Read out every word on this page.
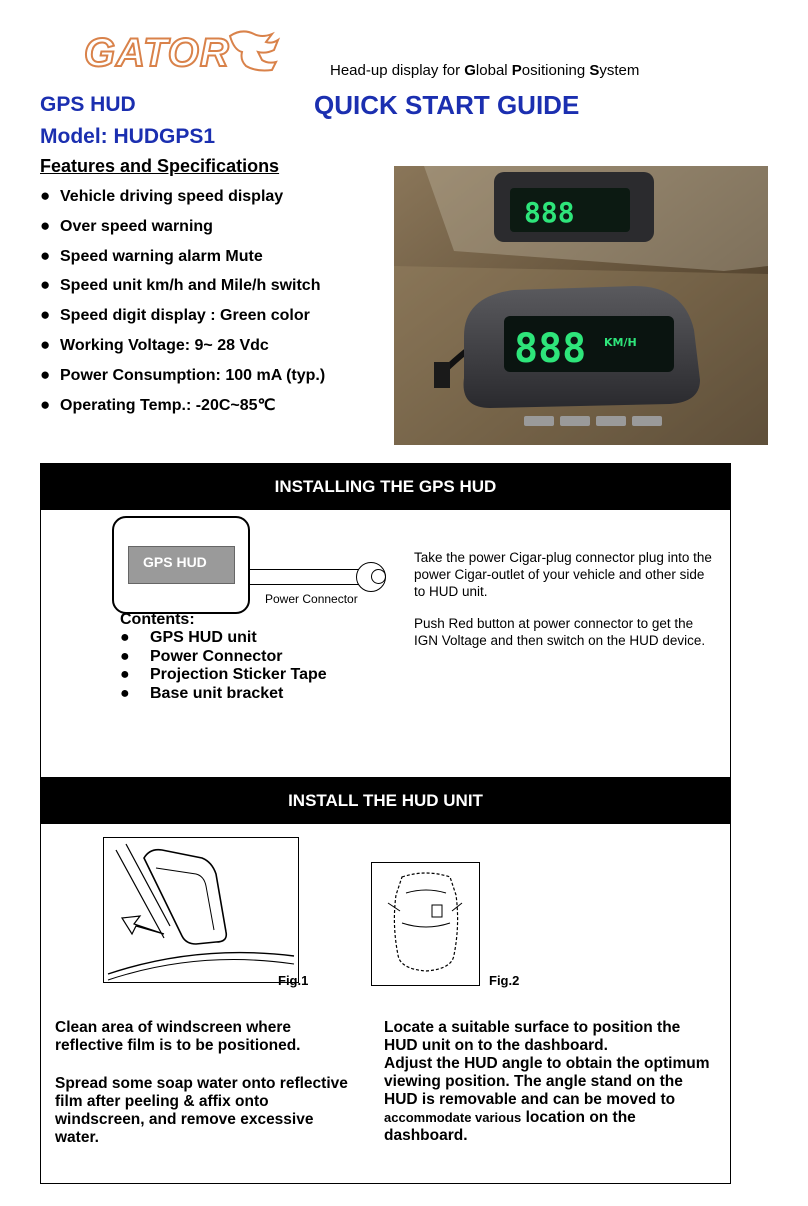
GATOR	Head-up display for Global Positioning System
GPS HUD	QUICK START GUIDE
Model: HUDGPS1
Features and Specifications
● Vehicle driving speed display
● Over speed warning
● Speed warning alarm Mute
● Speed unit km/h and Mile/h switch
● Speed digit display : Green color
● Working Voltage: 9~ 28 Vdc
● Power Consumption: 100 mA (typ.)
● Operating Temp.: -20C~85℃
888
888 KM/H
INSTALLING THE GPS HUD
GPS HUD
Power Connector
Contents:
● GPS HUD unit
● Power Connector
● Projection Sticker Tape
● Base unit bracket

Take the power Cigar-plug connector plug into the power Cigar-outlet of your vehicle and other side to HUD unit.

Push Red button at power connector to get the IGN Voltage and then switch on the HUD device.

INSTALL THE HUD UNIT
Fig.1	Fig.2

Clean area of windscreen where reflective film is to be positioned.

Spread some soap water onto reflective film after peeling & affix onto windscreen, and remove excessive water.

Locate a suitable surface to position the HUD unit on to the dashboard.
Adjust the HUD angle to obtain the optimum viewing position. The angle stand on the HUD is removable and can be moved to accommodate various location on the dashboard.
